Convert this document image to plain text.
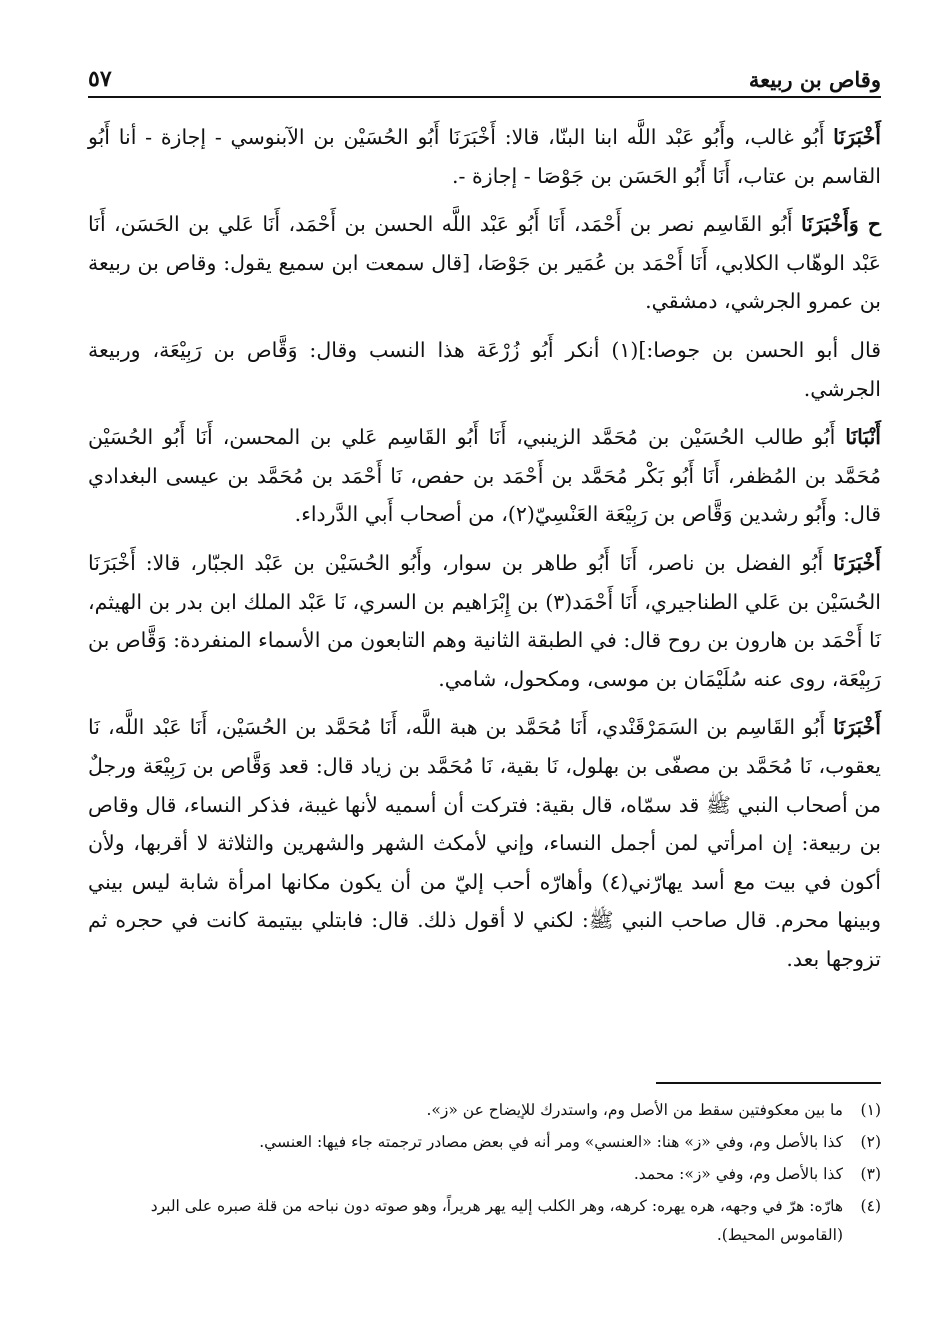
وقاص بن ربيعة
٥٧

أَخْبَرَنَا أَبُو غالب، وأَبُو عَبْد اللَّه ابنا البنّا، قالا: أَخْبَرَنَا أَبُو الحُسَيْن بن الآبنوسي - إجازة - أنا أَبُو القاسم بن عتاب، أَنَا أَبُو الحَسَن بن جَوْصَا - إجازة -.

ح وَأَخْبَرَنَا أَبُو القَاسِم نصر بن أَحْمَد، أَنَا أَبُو عَبْد اللَّه الحسن بن أَحْمَد، أَنَا عَلي بن الحَسَن، أَنَا عَبْد الوهّاب الكلابي، أَنَا أَحْمَد بن عُمَير بن جَوْصَا، [قال سمعت ابن سميع يقول: وقاص بن ربيعة بن عمرو الجرشي، دمشقي.

قال أبو الحسن بن جوصا:](١) أنكر أَبُو زُرْعَة هذا النسب وقال: وَقَّاص بن رَبِيْعَة، وربيعة الجرشي.

أَنْبَانَا أَبُو طالب الحُسَيْن بن مُحَمَّد الزينبي، أَنَا أَبُو القَاسِم عَلي بن المحسن، أَنَا أَبُو الحُسَيْن مُحَمَّد بن المُظفر، أَنَا أَبُو بَكْر مُحَمَّد بن أَحْمَد بن حفص، نَا أَحْمَد بن مُحَمَّد بن عيسى البغدادي قال: وأَبُو رشدين وَقَّاص بن رَبِيْعَة العَنْسِيّ(٢)، من أصحاب أَبي الدَّرداء.

أَخْبَرَنَا أَبُو الفضل بن ناصر، أَنَا أَبُو طاهر بن سوار، وأَبُو الحُسَيْن بن عَبْد الجبّار، قالا: أَخْبَرَنَا الحُسَيْن بن عَلي الطناجيري، أَنَا أَحْمَد(٣) بن إِبْرَاهيم بن السري، نَا عَبْد الملك ابن بدر بن الهيثم، نَا أَحْمَد بن هارون بن روح قال: في الطبقة الثانية وهم التابعون من الأسماء المنفردة: وَقَّاص بن رَبِيْعَة، روى عنه سُلَيْمَان بن موسى، ومكحول، شامي.

أَخْبَرَنَا أَبُو القَاسِم بن السَمَرْقَنْدي، أَنَا مُحَمَّد بن هبة اللَّه، أَنَا مُحَمَّد بن الحُسَيْن، أَنَا عَبْد اللَّه، نَا يعقوب، نَا مُحَمَّد بن مصفّى بن بهلول، نَا بقية، نَا مُحَمَّد بن زياد قال: قعد وَقَّاص بن رَبِيْعَة ورجلٌ من أصحاب النبي ﷺ قد سمّاه، قال بقية: فتركت أن أسميه لأنها غيبة، فذكر النساء، قال وقاص بن ربيعة: إن امرأتي لمن أجمل النساء، وإني لأمكث الشهر والشهرين والثلاثة لا أقربها، ولأن أكون في بيت مع أسد يهارّني(٤) وأهارّه أحب إليّ من أن يكون مكانها امرأة شابة ليس بيني وبينها محرم. قال صاحب النبي ﷺ: لكني لا أقول ذلك. قال: فابتلي بيتيمة كانت في حجره ثم تزوجها بعد.

(١)
ما بين معكوفتين سقط من الأصل وم، واستدرك للإيضاح عن «ز».
(٢)
كذا بالأصل وم، وفي «ز» هنا: «العنسي» ومر أنه في بعض مصادر ترجمته جاء فيها: العنسي.
(٣)
كذا بالأصل وم، وفي «ز»: محمد.
(٤)
هارّه: هرّ في وجهه، هره يهره: كرهه، وهر الكلب إليه يهر هريراً، وهو صوته دون نباحه من قلة صبره على البرد (القاموس المحيط).
